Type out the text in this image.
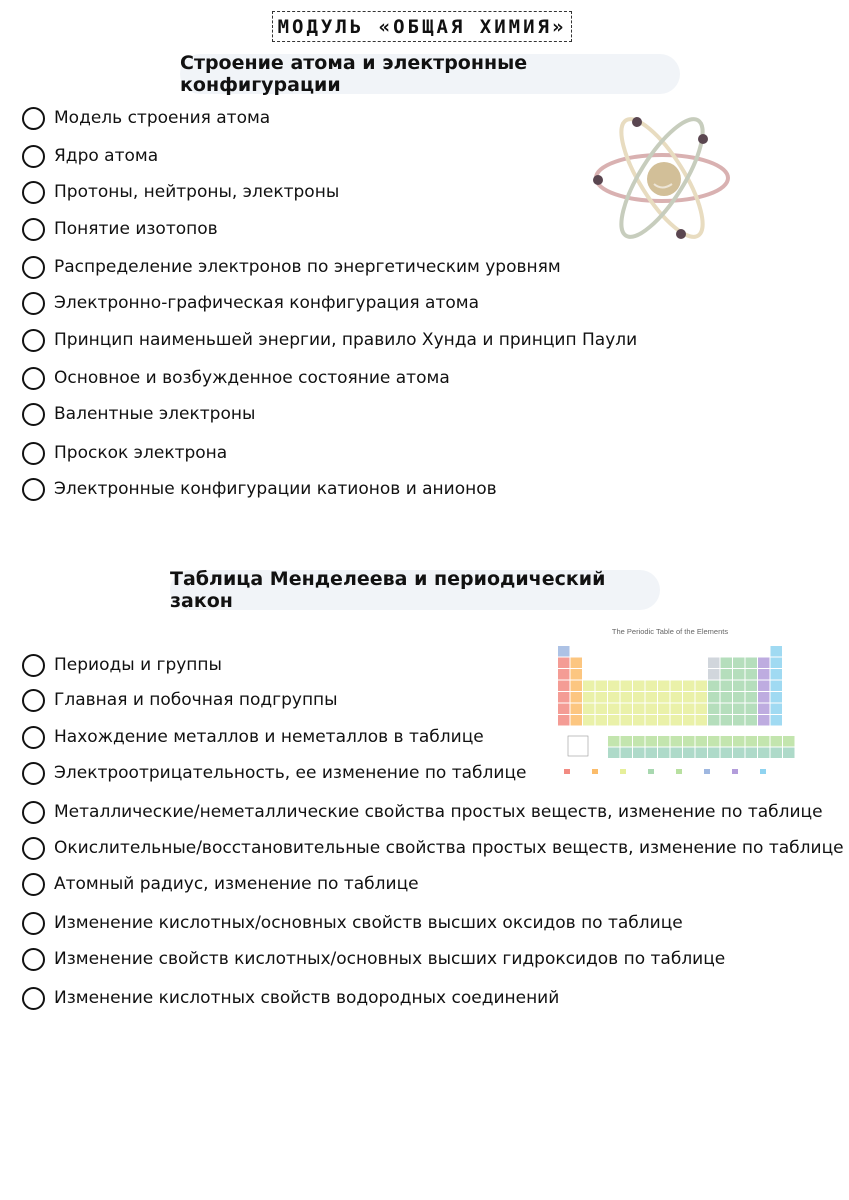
МОДУЛЬ «ОБЩАЯ ХИМИЯ»
Строение атома и электронные конфигурации
Модель строения атома
Ядро атома
Протоны, нейтроны, электроны
Понятие изотопов
Распределение электронов по энергетическим уровням
Электронно-графическая конфигурация атома
Принцип наименьшей энергии, правило Хунда и принцип Паули
Основное и возбужденное состояние атома
Валентные электроны
Проскок электрона
Электронные конфигурации катионов и анионов
Таблица Менделеева и периодический закон
Периоды и группы
Главная и побочная подгруппы
Нахождение металлов и неметаллов в таблице
Электроотрицательность, ее изменение по таблице
Металлические/неметаллические свойства простых веществ, изменение по таблице
Окислительные/восстановительные свойства простых веществ, изменение по таблице
Атомный радиус, изменение по таблице
Изменение кислотных/основных свойств высших оксидов по таблице
Изменение свойств кислотных/основных высших гидроксидов по таблице
Изменение кислотных свойств водородных соединений
The Periodic Table of the Elements
